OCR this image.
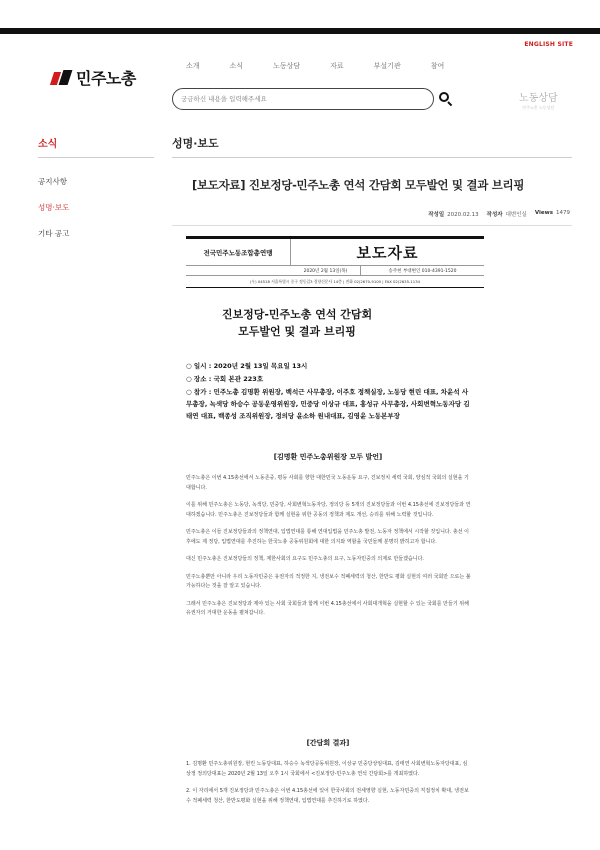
ENGLISH SITE
민주노총
소개	소식	노동상담	자료	부설기관	참여
궁금하신 내용을 입력해주세요
노동상담
민주노총 노동상담
소식
공지사항
성명·보도
기타 공고
성명·보도
[보도자료] 진보정당-민주노총 연석 간담회 모두발언 및 결과 브리핑
작성일 2020.02.13 작성자 대변인실 Views 1479
전국민주노동조합총연맹	보도자료
2020년 2월 13일(목)	송주현 부대변인 010-4391-1520
(우) 04518 서울특별시 중구 정동길3 경향신문사 14층 | 전화 02)2670-9100 | FAX 02)2635-1134
진보정당-민주노총 연석 간담회
모두발언 및 결과 브리핑
○ 일시 : 2020년 2월 13일 목요일 13시
○ 장소 : 국회 본관 223호
○ 참가 : 민주노총 김명환 위원장, 백석근 사무총장, 이주호 정책실장, 노동당 현린 대표, 차윤석 사무총장, 녹색당 하승수 공동운영위원장, 민중당 이상규 대표, 홍성규 사무총장, 사회변혁노동자당 김태연 대표, 백종성 조직위원장, 정의당 윤소하 원내대표, 김영윤 노동본부장
[김명환 민주노총위원장 모두 발언]

민주노총은 이번 4.15총선에서 노동존중, 평등 사회를 향한 대한민국 노동운동 요구, 진보정치 세력 국회, 양심적 국회의 실현을 기대합니다.

이를 위해 민주노총은 노동당, 녹색당, 민중당, 사회변혁노동자당, 정의당 등 5개의 진보정당들과 이번 4.15총선에 진보정당들과 연대하겠습니다. 민주노총은 진보정당들과 함께 실현을 위한 공동의 정책과 제도 개선, 승리를 위해 노력할 것입니다.

민주노총은 이들 진보정당들과의 정책연대, 입법연대를 통해 연대입법을 민주노총 발전, 노동자 정책에서 시작할 것입니다. 총선 이후에도 제 정당, 입법연대를 추진하는 한국노총 공동위원회에 대한 의지와 역할을 국민들께 분명히 밝히고자 합니다.

대신 민주노총은 진보정당들의 정책, 제한사회의 요구도 민주노총의 요구, 노동자민중의 의제로 만들겠습니다.

민주노총뿐만 아니라 우리 노동자민중은 유권자의 적정한 지, 냉전보수 적폐세력의 청산, 한반도 평화 실현의 여러 국회만 으로는 불가능하다는 것을 잘 알고 있습니다.

그래서 민주노총은 진보정당과 제야 있는 사회 국회들과 함께 이번 4.15총선에서 사회대개혁을 실현할 수 있는 국회를 만들기 위해 유권자의 거대한 운동을 펼쳐갑니다.

[간담회 결과]

1. 김명환 민주노총위원장, 현린 노동당대표, 하승수 녹색당공동위원장, 이상규 민중당상임대표, 김태연 사회변혁노동자당대표, 심상정 정의당대표는 2020년 2월 13일 오후 1시 국회에서 <진보정당-민주노총 연석 간담회>를 개최하였다.

2. 이 자리에서 5개 진보정당과 민주노총은 이번 4.15총선에 있어 한국사회의 전세영향 실현, 노동자민중의 직접정치 확대, 냉전보수 적폐세력 청산, 한반도평화 실현을 위해 정책연대, 입법연대를 추진하기로 하였다.
